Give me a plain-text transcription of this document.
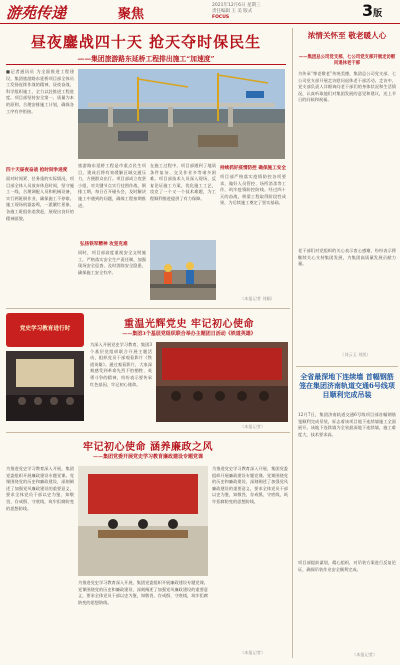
游苑传递	聚焦
2021年12月6日 星期三
责任编辑 王 美 版式
FOCUS	3版
昼夜鏖战四十天 抢天夺时保民生
——集团旅游路东延桥工程排出施工“加速度”
■记者通讯员 为全面推进工程建设，集团旅游路东延桥项目部全体员工发扬连续作战的精神，昼夜奋战，科学组织施工，全力以赴推进工程进度。项目部坚持安全第一、质量为本的原则，合理安排施工计划，确保各工序有序衔接。
四十天昼夜奋战 抢时间争进度
面对时间紧、任务重的实际情况，项目部全体人员放弃休息时间，坚守施工一线，合理调配人员和机械设备，实行两班倒作业，确保施工不停歇。施工现场机器轰鸣，一派繁忙景象，各施工班组你追我赶，展现出良好的精神面貌。
旅游路东延桥工程是市重点民生项目，建成后将有效缓解区域交通压力，方便群众出行。项目部成立攻坚小组，对关键节点实行挂图作战，倒排工期，每日召开碰头会，及时解决施工中遇到的问题，确保工程按期推进。
弘扬铁军精神 攻坚克难
同时，项目部高度重视安全文明施工，严格落实安全生产责任制，加强现场安全巡查，及时消除安全隐患，确保施工安全有序。
在施工过程中，项目部遇到了地质条件复杂、交叉作业多等诸多困难。项目部技术人员深入现场，反复论证施工方案，优化施工工艺，攻克了一个又一个技术难题，为工程顺利推进提供了有力保障。
持续抓好疫情防控 确保施工安全
项目部严格落实疫情防控各项要求，做好人员管控、场所消杀等工作，筑牢疫情防控防线。经过四十天的奋战，桥梁工程取得阶段性成果，为后续施工奠定了坚实基础。
（本报记者 刘颖）
浓情关怀至 敬老暖人心
——集团总公司党支部、七公司党支部开展走访慰问退休老干部
为传承“尊老敬老”传统美德，集团总公司党支部、七公司党支部开展走访慰问退休老干部活动。走访中，党支部负责人详细询问老干部们的身体状况和生活情况，认真听取他们对集团发展的意见和建议，送上节日的问候和祝福。
老干部们对党组织的关心表示衷心感谢，纷纷表示将继续关心支持集团发展，为集团高质量发展贡献力量。
（刘云玉 刘凯）
全省最深地下连续墙 首幅钢筋笼在集团济南轨道交通6号线项目顺利完成吊装
12月7日，集团济南轨道交通6号线项目部首幅钢筋笼顺利完成吊装，标志着该项目地下连续墙施工全面展开。该地下连续墙为全省最深地下连续墙，施工难度大，技术要求高。
项目部提前谋划，精心组织，对吊装方案进行反复论证，确保吊装作业安全顺利完成。
（本报记者）
党史学习教育进行时	重温光辉党史 牢记初心使命
——集团3个基层党组织联合举办主题团日活动《铁道英雄》
为深入开展党史学习教育，集团3个基层党组织联合开展主题活动，组织党员干部观看影片《铁道英雄》。通过观看影片，大家深刻感受到革命先烈不怕牺牲、英勇斗争的精神，纷纷表示要传承红色基因，牢记初心使命。
（本报记者）
牢记初心使命 涵养廉政之风
——集团党委开展党史学习教育廉政建设专题党课
为推进党史学习教育深入开展，集团党委组织开展廉政建设专题党课。党课围绕党的历史和廉政建设，深刻阐述了加强党风廉政建设的重要意义，要求全体党员干部以史为鉴，知敬畏、存戒惧、守底线，筑牢拒腐防变的思想防线。
为推进党史学习教育深入开展，集团党委组织开展廉政建设专题党课。党课围绕党的历史和廉政建设，深刻阐述了加强党风廉政建设的重要意义，要求全体党员干部以史为鉴，知敬畏、存戒惧、守底线，筑牢拒腐防变的思想防线。
为推进党史学习教育深入开展，集团党委组织开展廉政建设专题党课。党课围绕党的历史和廉政建设，深刻阐述了加强党风廉政建设的重要意义，要求全体党员干部以史为鉴，知敬畏、存戒惧、守底线，筑牢拒腐防变的思想防线。
（本报记者）
